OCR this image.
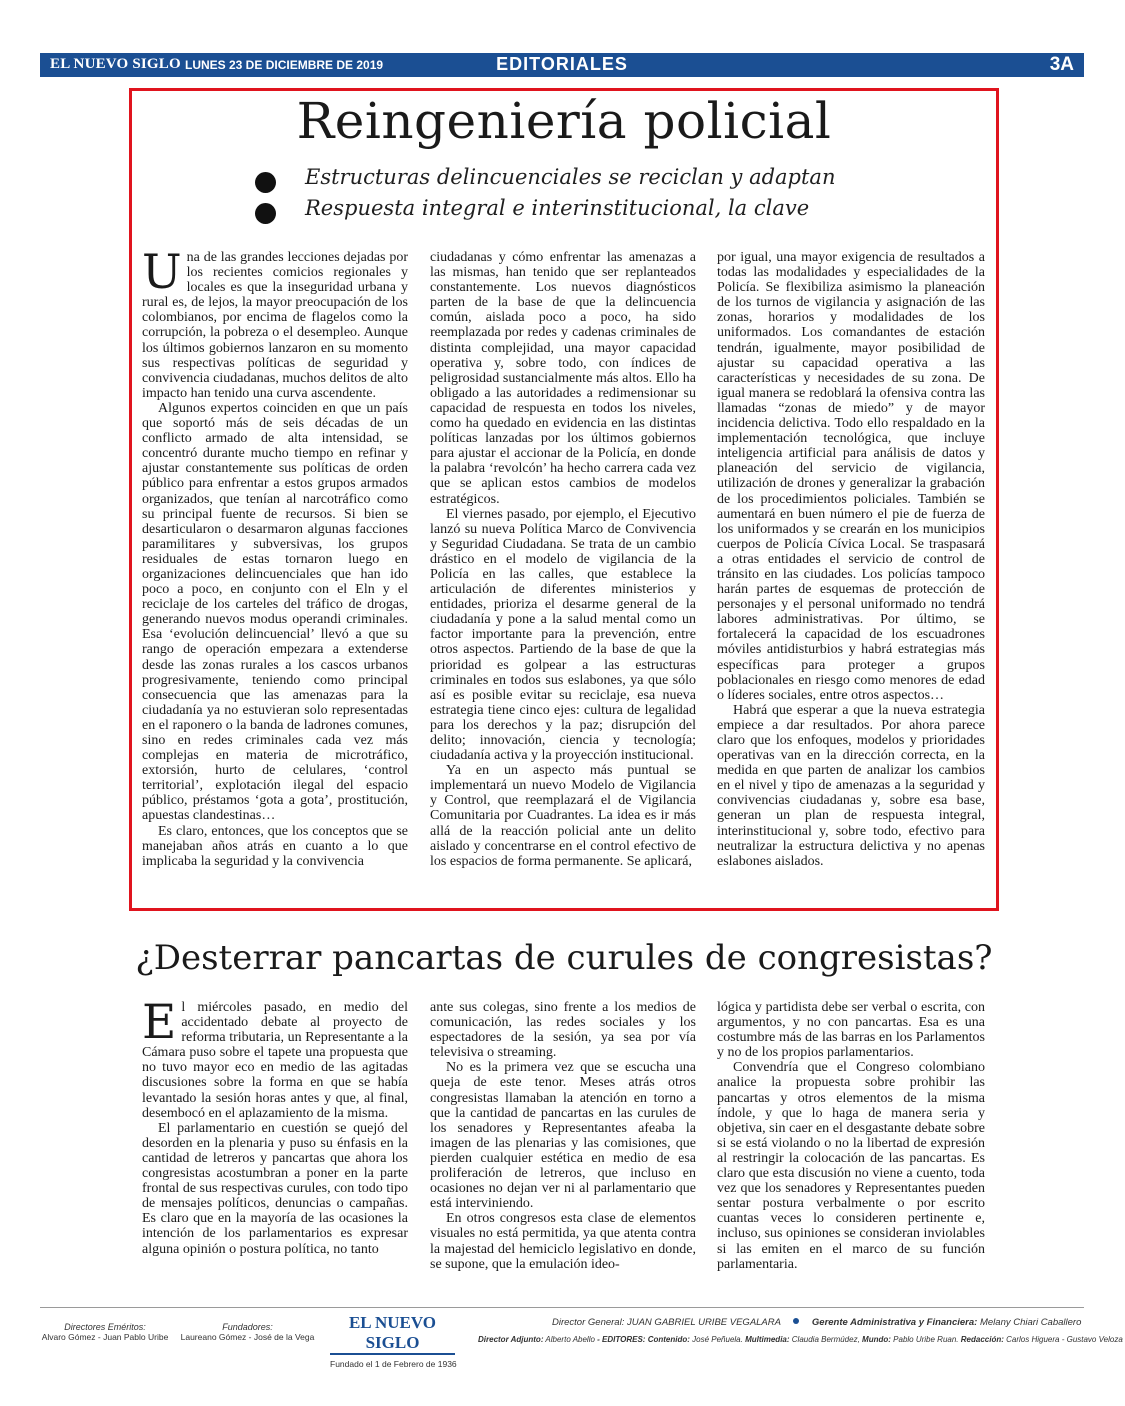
EL NUEVO SIGLO LUNES 23 DE DICIEMBRE DE 2019	EDITORIALES	3A
Reingeniería policial
Estructuras delincuenciales se reciclan y adaptan
Respuesta integral e interinstitucional, la clave

Una de las grandes lecciones dejadas por los recientes comicios regionales y locales es que la inseguridad urbana y rural es, de lejos, la mayor preocupación de los colombianos, por encima de flagelos como la corrupción, la pobreza o el desempleo. Aunque los últimos gobiernos lanzaron en su momento sus respectivas políticas de seguridad y convivencia ciudadanas, muchos delitos de alto impacto han tenido una curva ascendente.

Algunos expertos coinciden en que un país que soportó más de seis décadas de un conflicto armado de alta intensidad, se concentró durante mucho tiempo en refinar y ajustar constantemente sus políticas de orden público para enfrentar a estos grupos armados organizados, que tenían al narcotráfico como su principal fuente de recursos. Si bien se desarticularon o desarmaron algunas facciones paramilitares y subversivas, los grupos residuales de estas tornaron luego en organizaciones delincuenciales que han ido poco a poco, en conjunto con el Eln y el reciclaje de los carteles del tráfico de drogas, generando nuevos modus operandi criminales. Esa ‘evolución delincuencial’ llevó a que su rango de operación empezara a extenderse desde las zonas rurales a los cascos urbanos progresivamente, teniendo como principal consecuencia que las amenazas para la ciudadanía ya no estuvieran solo representadas en el raponero o la banda de ladrones comunes, sino en redes criminales cada vez más complejas en materia de microtráfico, extorsión, hurto de celulares, ‘control territorial’, explotación ilegal del espacio público, préstamos ‘gota a gota’, prostitución, apuestas clandestinas…

Es claro, entonces, que los conceptos que se manejaban años atrás en cuanto a lo que implicaba la seguridad y la convivencia

ciudadanas y cómo enfrentar las amenazas a las mismas, han tenido que ser replanteados constantemente. Los nuevos diagnósticos parten de la base de que la delincuencia común, aislada poco a poco, ha sido reemplazada por redes y cadenas criminales de distinta complejidad, una mayor capacidad operativa y, sobre todo, con índices de peligrosidad sustancialmente más altos. Ello ha obligado a las autoridades a redimensionar su capacidad de respuesta en todos los niveles, como ha quedado en evidencia en las distintas políticas lanzadas por los últimos gobiernos para ajustar el accionar de la Policía, en donde la palabra ‘revolcón’ ha hecho carrera cada vez que se aplican estos cambios de modelos estratégicos.

El viernes pasado, por ejemplo, el Ejecutivo lanzó su nueva Política Marco de Convivencia y Seguridad Ciudadana. Se trata de un cambio drástico en el modelo de vigilancia de la Policía en las calles, que establece la articulación de diferentes ministerios y entidades, prioriza el desarme general de la ciudadanía y pone a la salud mental como un factor importante para la prevención, entre otros aspectos. Partiendo de la base de que la prioridad es golpear a las estructuras criminales en todos sus eslabones, ya que sólo así es posible evitar su reciclaje, esa nueva estrategia tiene cinco ejes: cultura de legalidad para los derechos y la paz; disrupción del delito; innovación, ciencia y tecnología; ciudadanía activa y la proyección institucional.

Ya en un aspecto más puntual se implementará un nuevo Modelo de Vigilancia y Control, que reemplazará el de Vigilancia Comunitaria por Cuadrantes. La idea es ir más allá de la reacción policial ante un delito aislado y concentrarse en el control efectivo de los espacios de forma permanente. Se aplicará,

por igual, una mayor exigencia de resultados a todas las modalidades y especialidades de la Policía. Se flexibiliza asimismo la planeación de los turnos de vigilancia y asignación de las zonas, horarios y modalidades de los uniformados. Los comandantes de estación tendrán, igualmente, mayor posibilidad de ajustar su capacidad operativa a las características y necesidades de su zona. De igual manera se redoblará la ofensiva contra las llamadas “zonas de miedo” y de mayor incidencia delictiva. Todo ello respaldado en la implementación tecnológica, que incluye inteligencia artificial para análisis de datos y planeación del servicio de vigilancia, utilización de drones y generalizar la grabación de los procedimientos policiales. También se aumentará en buen número el pie de fuerza de los uniformados y se crearán en los municipios cuerpos de Policía Cívica Local. Se traspasará a otras entidades el servicio de control de tránsito en las ciudades. Los policías tampoco harán partes de esquemas de protección de personajes y el personal uniformado no tendrá labores administrativas. Por último, se fortalecerá la capacidad de los escuadrones móviles antidisturbios y habrá estrategias más específicas para proteger a grupos poblacionales en riesgo como menores de edad o líderes sociales, entre otros aspectos…

Habrá que esperar a que la nueva estrategia empiece a dar resultados. Por ahora parece claro que los enfoques, modelos y prioridades operativas van en la dirección correcta, en la medida en que parten de analizar los cambios en el nivel y tipo de amenazas a la seguridad y convivencias ciudadanas y, sobre esa base, generan un plan de respuesta integral, interinstitucional y, sobre todo, efectivo para neutralizar la estructura delictiva y no apenas eslabones aislados.

¿Desterrar pancartas de curules de congresistas?

El miércoles pasado, en medio del accidentado debate al proyecto de reforma tributaria, un Representante a la Cámara puso sobre el tapete una propuesta que no tuvo mayor eco en medio de las agitadas discusiones sobre la forma en que se había levantado la sesión horas antes y que, al final, desembocó en el aplazamiento de la misma.

El parlamentario en cuestión se quejó del desorden en la plenaria y puso su énfasis en la cantidad de letreros y pancartas que ahora los congresistas acostumbran a poner en la parte frontal de sus respectivas curules, con todo tipo de mensajes políticos, denuncias o campañas. Es claro que en la mayoría de las ocasiones la intención de los parlamentarios es expresar alguna opinión o postura política, no tanto

ante sus colegas, sino frente a los medios de comunicación, las redes sociales y los espectadores de la sesión, ya sea por vía televisiva o streaming.

No es la primera vez que se escucha una queja de este tenor. Meses atrás otros congresistas llamaban la atención en torno a que la cantidad de pancartas en las curules de los senadores y Representantes afeaba la imagen de las plenarias y las comisiones, que pierden cualquier estética en medio de esa proliferación de letreros, que incluso en ocasiones no dejan ver ni al parlamentario que está interviniendo.

En otros congresos esta clase de elementos visuales no está permitida, ya que atenta contra la majestad del hemiciclo legislativo en donde, se supone, que la emulación ideo-

lógica y partidista debe ser verbal o escrita, con argumentos, y no con pancartas. Esa es una costumbre más de las barras en los Parlamentos y no de los propios parlamentarios.

Convendría que el Congreso colombiano analice la propuesta sobre prohibir las pancartas y otros elementos de la misma índole, y que lo haga de manera seria y objetiva, sin caer en el desgastante debate sobre si se está violando o no la libertad de expresión al restringir la colocación de las pancartas. Es claro que esta discusión no viene a cuento, toda vez que los senadores y Representantes pueden sentar postura verbalmente o por escrito cuantas veces lo consideren pertinente e, incluso, sus opiniones se consideran inviolables si las emiten en el marco de su función parlamentaria.

Directores Eméritos:
Alvaro Gómez - Juan Pablo Uribe
Fundadores:
Laureano Gómez - José de la Vega
EL NUEVO SIGLO
Fundado el 1 de Febrero de 1936
Director General: JUAN GABRIEL URIBE VEGALARA	Gerente Administrativa y Financiera: Melany Chiari Caballero
Director Adjunto: Alberto Abello - EDITORES: Contenido: José Peñuela. Multimedia: Claudia Bermúdez, Mundo: Pablo Uribe Ruan. Redacción: Carlos Higuera - Gustavo Veloza
